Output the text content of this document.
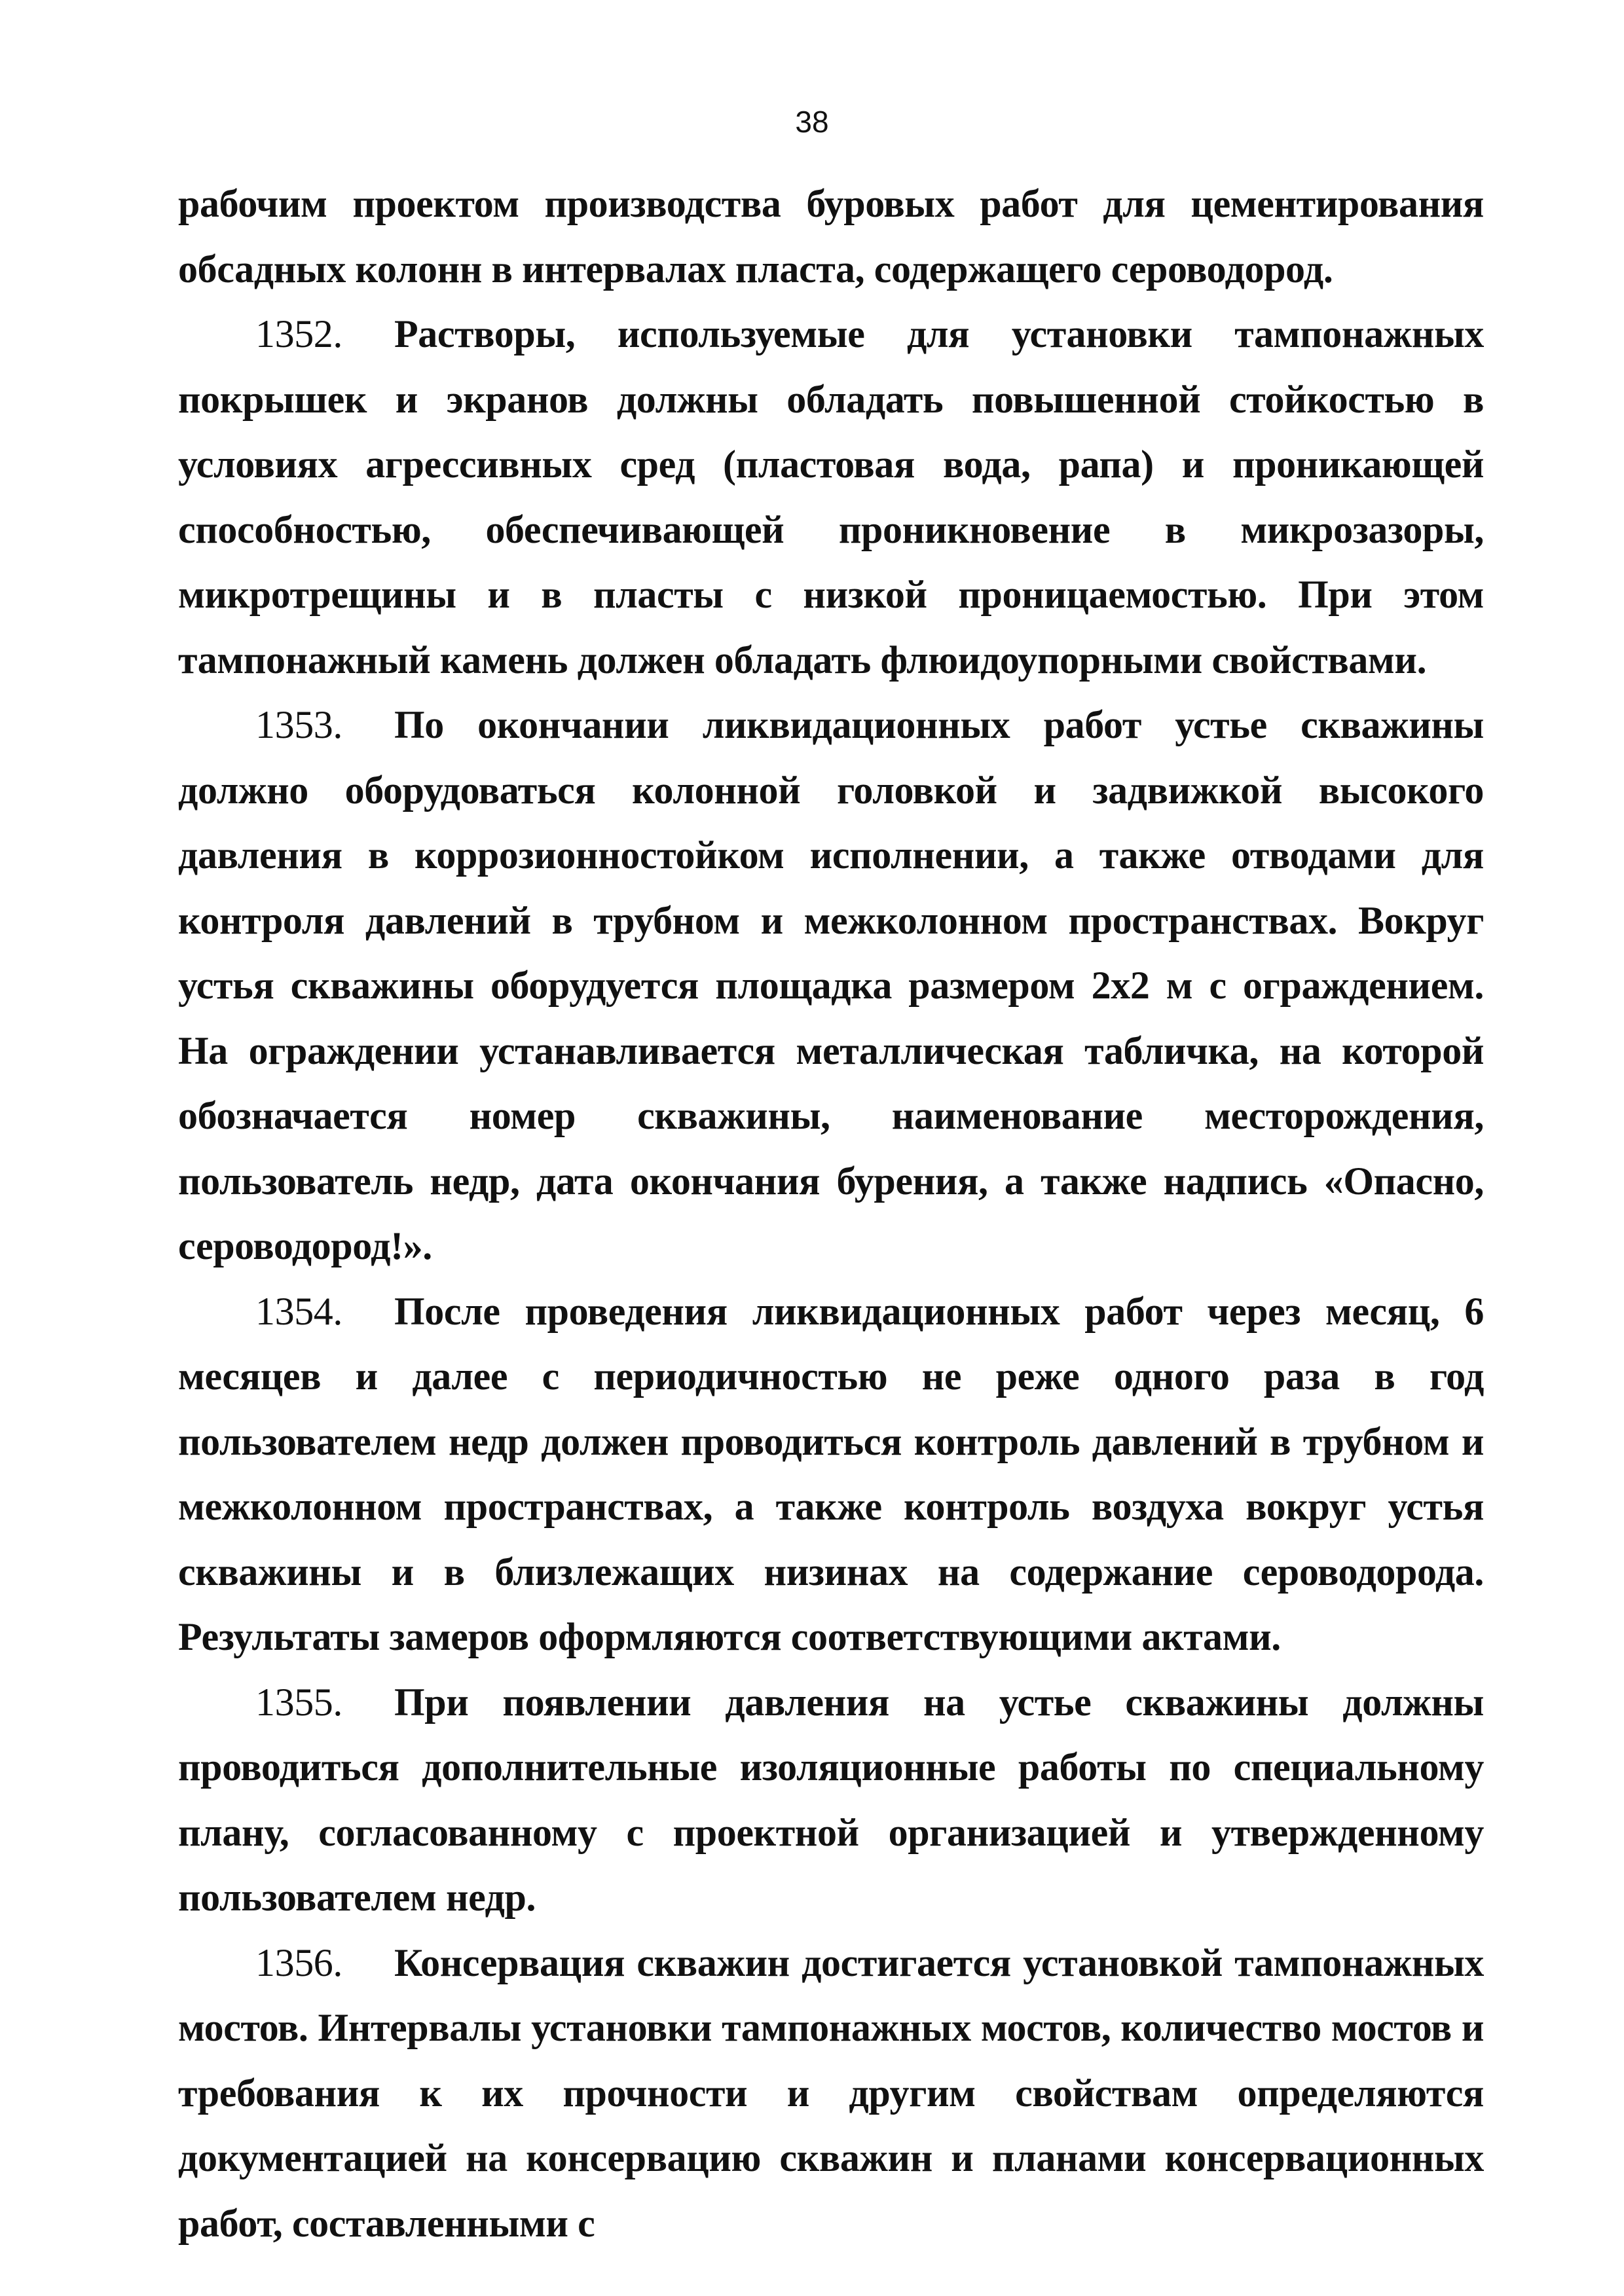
38

рабочим проектом производства буровых работ для цементирования обсадных колонн в интервалах пласта, содержащего сероводород.

1352. Растворы, используемые для установки тампонажных покрышек и экранов должны обладать повышенной стойкостью в условиях агрессивных сред (пластовая вода, рапа) и проникающей способностью, обеспечивающей проникновение в микрозазоры, микротрещины и в пласты с низкой проницаемостью. При этом тампонажный камень должен обладать флюидоупорными свойствами.

1353. По окончании ликвидационных работ устье скважины должно оборудоваться колонной головкой и задвижкой высокого давления в коррозионностойком исполнении, а также отводами для контроля давлений в трубном и межколонном пространствах. Вокруг устья скважины оборудуется площадка размером 2х2 м с ограждением. На ограждении устанавливается металлическая табличка, на которой обозначается номер скважины, наименование месторождения, пользователь недр, дата окончания бурения, а также надпись «Опасно, сероводород!».

1354. После проведения ликвидационных работ через месяц, 6 месяцев и далее с периодичностью не реже одного раза в год пользователем недр должен проводиться контроль давлений в трубном и межколонном пространствах, а также контроль воздуха вокруг устья скважины и в близлежащих низинах на содержание сероводорода. Результаты замеров оформляются соответствующими актами.

1355. При появлении давления на устье скважины должны проводиться дополнительные изоляционные работы по специальному плану, согласованному с проектной организацией и утвержденному пользователем недр.

1356. Консервация скважин достигается установкой тампонажных мостов. Интервалы установки тампонажных мостов, количество мостов и требования к их прочности и другим свойствам определяются документацией на консервацию скважин и планами консервационных работ, составленными с
